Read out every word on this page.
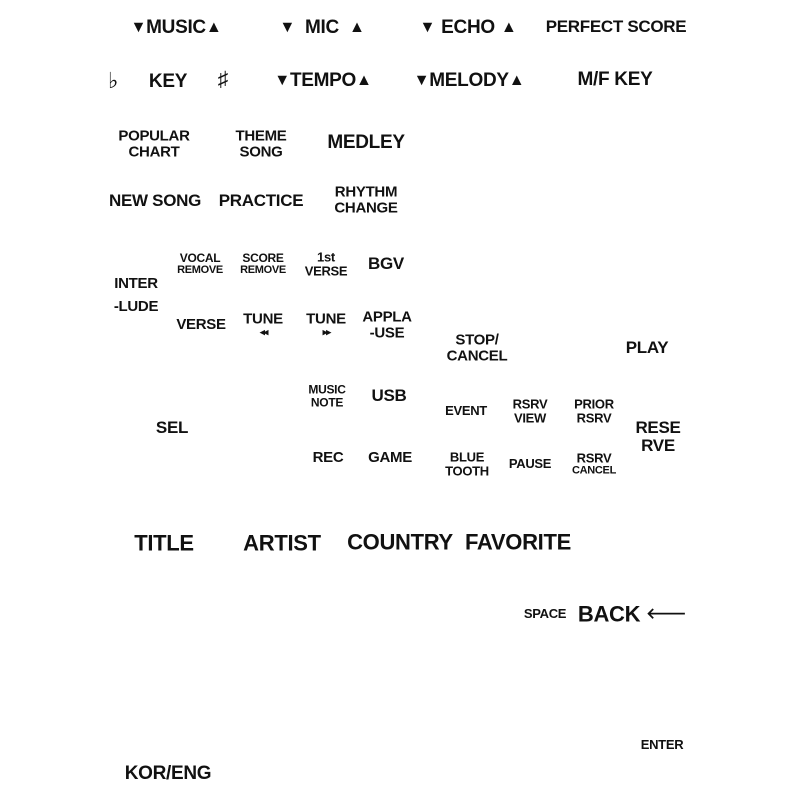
▼ MUSIC ▲	▼ MIC ▲	▼ ECHO ▲ PERFECT SCORE
♭ KEY ♯	▼ TEMPO ▲	▼ MELODY ▲	M/F KEY
POPULAR
CHART
THEME
SONG MEDLEY
NEW SONG PRACTICE RHYTHM
CHANGE
INTER
-LUDE
VOCAL
REMOVE
SCORE
REMOVE
1st
VERSE BGV
VERSE TUNE
◂◂
TUNE
▸▸
APPLA
-USE
MUSIC
NOTE USB
SEL
REC GAME
STOP/
CANCEL	PLAY
EVENT RSRV
VIEW
PRIOR
RSRV
RESE
RVE
BLUE
TOOTH PAUSE RSRV
CANCEL
TITLE ARTIST COUNTRY FAVORITE
SPACE BACK 🡐
ENTER
KOR/ENG
